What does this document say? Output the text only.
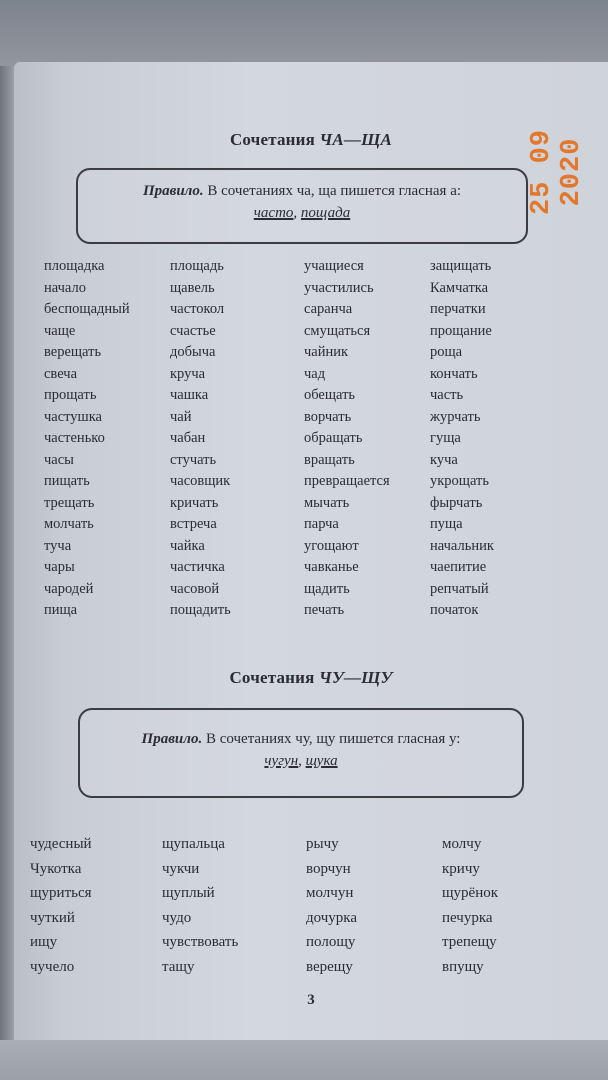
Сочетания ЧА—ЩА
Правило. В сочетаниях ча, ща пишется гласная а:
часто, пощада
площадка
начало
беспощадный
чаще
верещать
свеча
прощать
частушка
частенько
часы
пищать
трещать
молчать
туча
чары
чародей
пища
площадь
щавель
частокол
счастье
добыча
круча
чашка
чай
чабан
стучать
часовщик
кричать
встреча
чайка
частичка
часовой
пощадить
учащиеся
участились
саранча
смущаться
чайник
чад
обещать
ворчать
обращать
вращать
превращается
мычать
парча
угощают
чавканье
щадить
печать
защищать
Камчатка
перчатки
прощание
роща
кончать
часть
журчать
гуща
куча
укрощать
фырчать
пуща
начальник
чаепитие
репчатый
початок
Сочетания ЧУ—ЩУ
Правило. В сочетаниях чу, щу пишется гласная у:
чугун, щука
чудесный
Чукотка
щуриться
чуткий
ищу
чучело
щупальца
чукчи
щуплый
чудо
чувствовать
тащу
рычу
ворчун
молчун
дочурка
полощу
верещу
молчу
кричу
щурёнок
печурка
трепещу
впущу
3
25 09 2020
